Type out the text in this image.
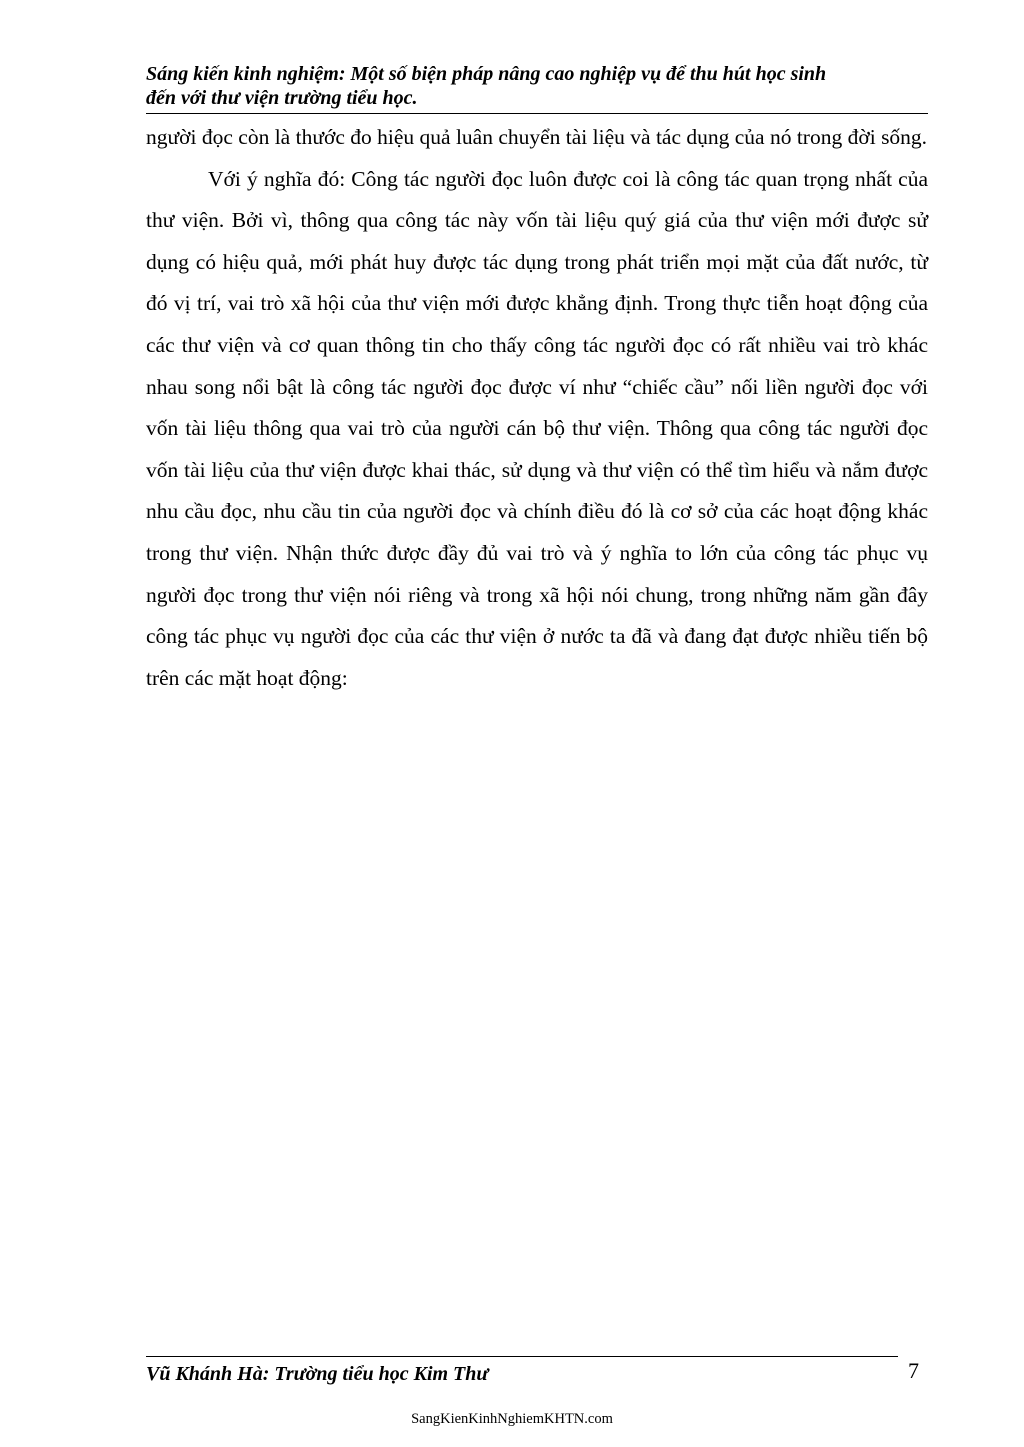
Sáng kiến kinh nghiệm: Một số biện pháp nâng cao nghiệp vụ để thu hút học sinh
đến với thư viện trường tiểu học.

người đọc còn là thước đo hiệu quả luân chuyển tài liệu và tác dụng của nó trong đời sống.

Với ý nghĩa đó: Công tác người đọc luôn được coi là công tác quan trọng nhất của thư viện. Bởi vì, thông qua công tác này vốn tài liệu quý giá của thư viện mới được sử dụng có hiệu quả, mới phát huy được tác dụng trong phát triển mọi mặt của đất nước, từ đó vị trí, vai trò xã hội của thư viện mới được khẳng định. Trong thực tiễn hoạt động của các thư viện và cơ quan thông tin cho thấy công tác người đọc có rất nhiều vai trò khác nhau song nổi bật là công tác người đọc được ví như “chiếc cầu” nối liền người đọc với vốn tài liệu thông qua vai trò của người cán bộ thư viện. Thông qua công tác người đọc vốn tài liệu của thư viện được khai thác, sử dụng và thư viện có thể tìm hiểu và nắm được nhu cầu đọc, nhu cầu tin của người đọc và chính điều đó là cơ sở của các hoạt động khác trong thư viện. Nhận thức được đầy đủ vai trò và ý nghĩa to lớn của công tác phục vụ người đọc trong thư viện nói riêng và trong xã hội nói chung, trong những năm gần đây công tác phục vụ người đọc của các thư viện ở nước ta đã và đang đạt được nhiều tiến bộ trên các mặt hoạt động:

Vũ Khánh Hà: Trường tiểu học Kim Thư	7
SangKienKinhNghiemKHTN.com
